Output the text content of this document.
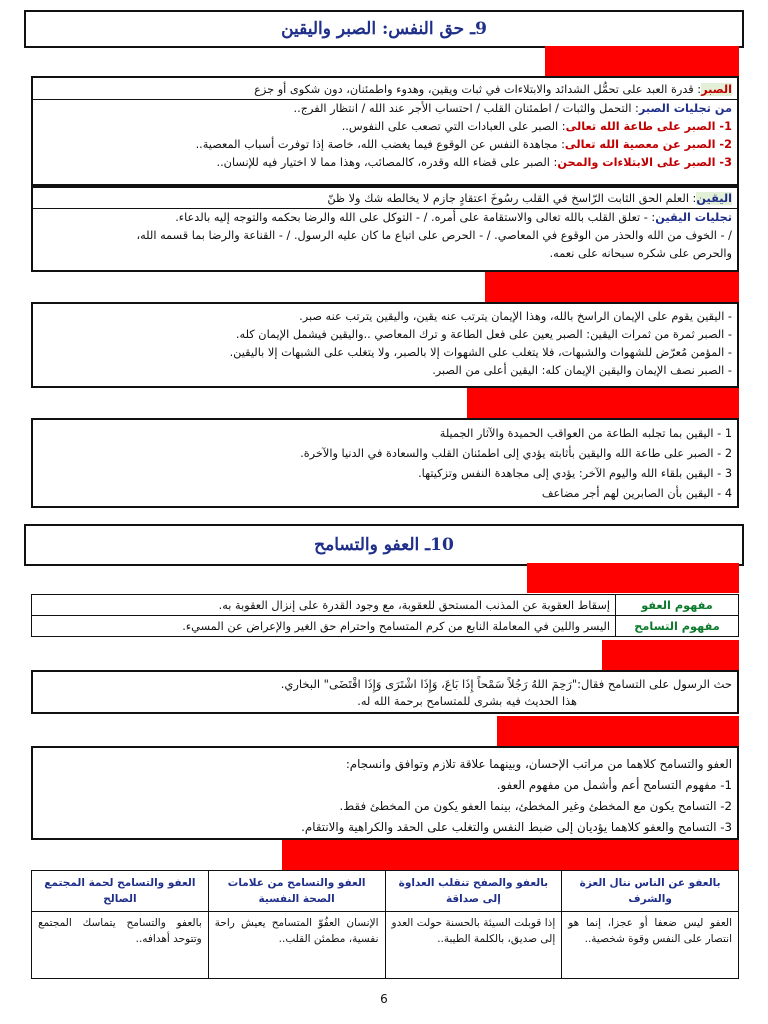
9ـ حق النفس: الصبر واليقين
الصبر: قدرة العبد على تحمُّل الشدائد والابتلاءات في ثبات ويقين، وهدوء واطمئنان، دون شكوى أو جزع
من تجليات الصبر: التحمل والثبات / اطمئنان القلب / احتساب الأجر عند الله / انتظار الفرج..
1- الصبر على طاعة الله تعالى: الصبر على العبادات التي تصعب على النفوس..
2- الصبر عن معصية الله تعالى: مجاهدة النفس عن الوقوع فيما يغضب الله، خاصة إذا توفرت أسباب المعصية..
3- الصبر على الابتلاءات والمحن: الصبر على قضاء الله وقدره، كالمصائب، وهذا مما لا اختيار فيه للإنسان..
اليقين: العلم الحق الثابت الرّاسخ في القلب رسُوخَ اعتقادٍ جازم لا يخالطه شك ولا ظنّ
تجليات اليقين: - تعلق القلب بالله تعالى والاستقامة على أمره. / - التوكل على الله والرضا بحكمه والتوجه إليه بالدعاء.
/ - الخوف من الله والحذر من الوقوع في المعاصي. / - الحرص على اتباع ما كان عليه الرسول. / - القناعة والرضا بما قسمه الله،
والحرص على شكره سبحانه على نعمه.
- اليقين يقوم على الإيمان الراسخ بالله، وهذا الإيمان يترتب عنه يقين، واليقين يترتب عنه صبر.
- الصبر ثمرة من ثمرات اليقين: الصبر يعين على فعل الطاعة و ترك المعاصي ..واليقين فيشمل الإيمان كله.
- المؤمن مُعرّض للشهوات والشبهات، فلا يتغلب على الشهوات إلا بالصبر، ولا يتغلب على الشبهات إلا باليقين.
- الصبر نصف الإيمان واليقين الإيمان كله: اليقين أعلى من الصبر.
1 - اليقين بما تجلبه الطاعة من العواقب الحميدة والآثار الجميلة
2 - الصبر على طاعة الله واليقين بأثابته يؤدي إلى اطمئنان القلب والسعادة في الدنيا والآخرة.
3 - اليقين بلقاء الله واليوم الآخر: يؤدي إلى مجاهدة النفس وتزكيتها.
4 - اليقين بأن الصابرين لهم أجر مضاعف
10ـ العفو والتسامح
مفهوم العفو	إسقاط العقوبة عن المذنب المستحق للعقوبة، مع وجود القدرة على إنزال العقوبة به.
مفهوم التسامح	اليسر واللين في المعاملة النابع من كرم المتسامح واحترام حق الغير والإعراض عن المسيء.
حث الرسول على التسامح فقال:"رَحِمَ اللهُ رَجُلاً سَمْحاً إِذَا بَاعَ، وَإِذَا اشْتَرَى وَإِذَا اقْتَضَى" البخاري.
هذا الحديث فيه بشرى للمتسامح برحمة الله له.
العفو والتسامح كلاهما من مراتب الإحسان، وبينهما علاقة تلازم وتوافق وانسجام:
1- مفهوم التسامح أعم وأشمل من مفهوم العفو.
2- التسامح يكون مع المخطئ وغير المخطئ، بينما العفو يكون من المخطئ فقط.
3- التسامح والعفو كلاهما يؤديان إلى ضبط النفس والتغلب على الحقد والكراهية والانتقام.
بالعفو عن الناس ننال العزة والشرف	بالعفو والصفح تنقلب العداوة إلى صداقة	العفو والتسامح من علامات الصحة النفسية	العفو والتسامح لحمة المجتمع الصالح
العفو ليس ضعفا أو عجزا، إنما هو انتصار على النفس وقوة شخصية..	إذا قوبلت السيئة بالحسنة حولت العدو إلى صديق، بالكلمة الطيبة..	الإنسان العفُوّ المتسامح يعيش راحة نفسية، مطمئن القلب..	بالعفو والتسامح يتماسك المجتمع وتتوحد أهدافه..
6
